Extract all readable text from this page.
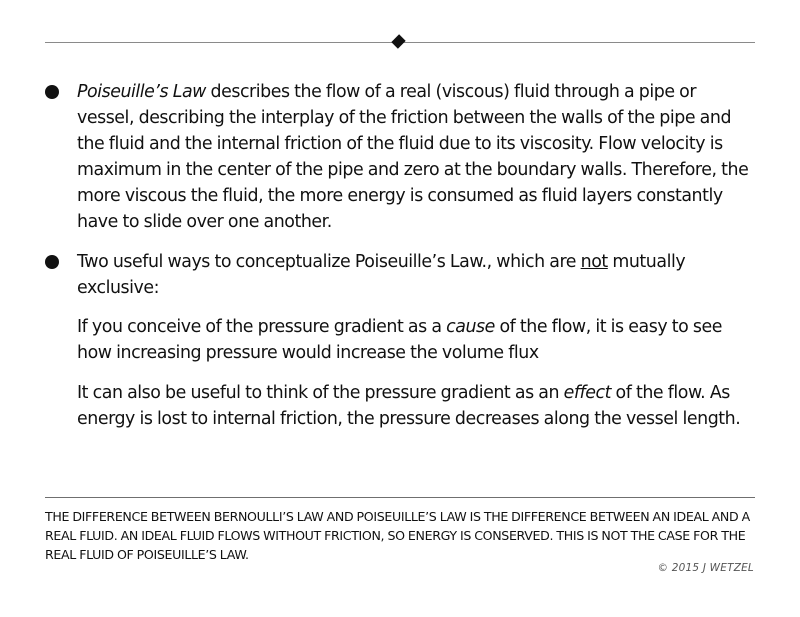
Poiseuille’s Law describes the flow of a real (viscous) fluid through a pipe or vessel, describing the interplay of the friction between the walls of the pipe and the fluid and the internal friction of the fluid due to its viscosity. Flow velocity is maximum in the center of the pipe and zero at the boundary walls. Therefore, the more viscous the fluid, the more energy is consumed as fluid layers constantly have to slide over one another.
Two useful ways to conceptualize Poiseuille’s Law., which are not mutually exclusive:
If you conceive of the pressure gradient as a cause of the flow, it is easy to see how increasing pressure would increase the volume flux
It can also be useful to think of the pressure gradient as an effect of the flow. As energy is lost to internal friction, the pressure decreases along the vessel length.
THE DIFFERENCE BETWEEN BERNOULLI’S LAW AND POISEUILLE’S LAW IS THE DIFFERENCE BETWEEN AN IDEAL AND A REAL FLUID. AN IDEAL FLUID FLOWS WITHOUT FRICTION, SO ENERGY IS CONSERVED. THIS IS NOT THE CASE FOR THE REAL FLUID OF POISEUILLE’S LAW.
© 2015 J WETZEL
